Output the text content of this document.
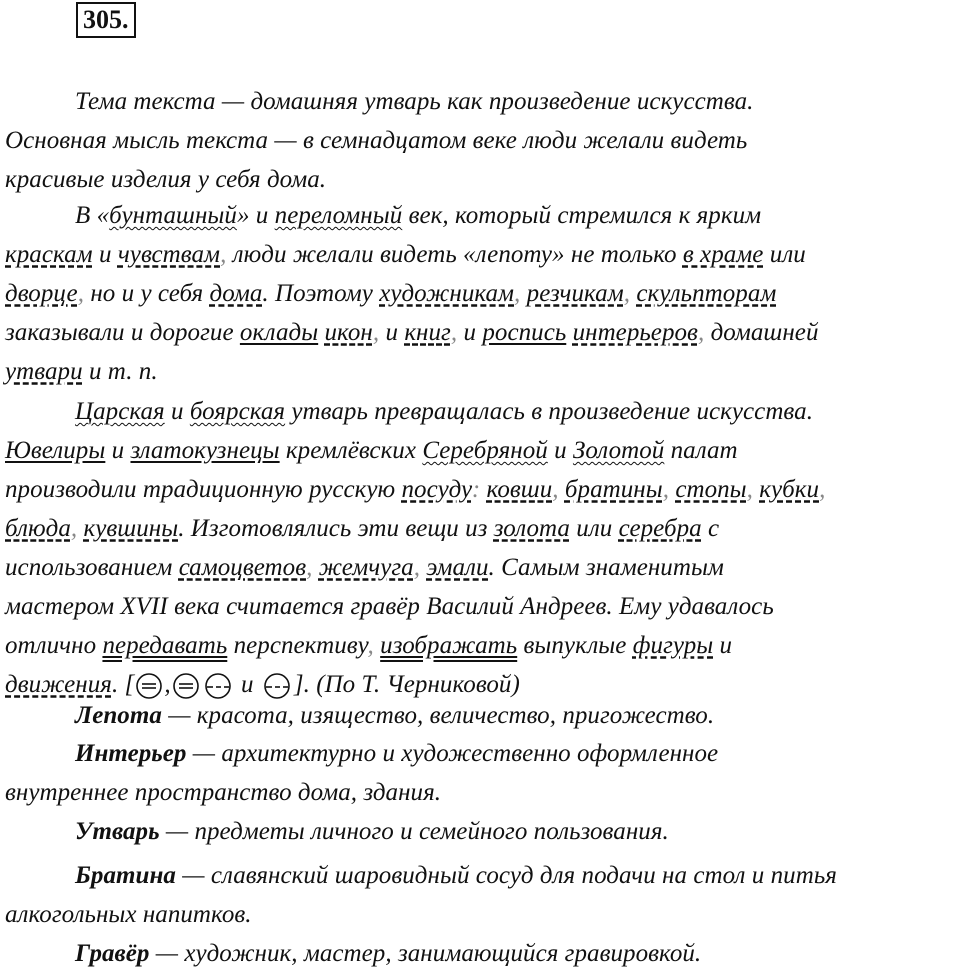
305.
Тема текста — домашняя утварь как произведение искусства.
Основная мысль текста — в семнадцатом веке люди желали видеть
красивые изделия у себя дома.
В «бунташный» и переломный век, который стремился к ярким
краскам и чувствам, люди желали видеть «лепоту» не только в храме или
дворце, но и у себя дома. Поэтому художникам, резчикам, скульпторам
заказывали и дорогие оклады икон, и книг, и роспись интерьеров, домашней
утвари и т. п.
Царская и боярская утварь превращалась в произведение искусства.
Ювелиры и златокузнецы кремлёвских Серебряной и Золотой палат
производили традиционную русскую посуду: ковши, братины, стопы, кубки,
блюда, кувшины. Изготовлялись эти вещи из золота или серебра с
использованием самоцветов, жемчуга, эмали. Самым знаменитым
мастером XVII века считается гравёр Василий Андреев. Ему удавалось
отлично передавать перспективу, изображать выпуклые фигуры и
движения. [ ,	и
]. (По Т. Черниковой)
Лепота — красота, изящество, величество, пригожество.
Интерьер — архитектурно и художественно оформленное
внутреннее пространство дома, здания.
Утварь — предметы личного и семейного пользования.
Братина — славянский шаровидный сосуд для подачи на стол и питья
алкогольных напитков.
Гравёр — художник, мастер, занимающийся гравировкой.
